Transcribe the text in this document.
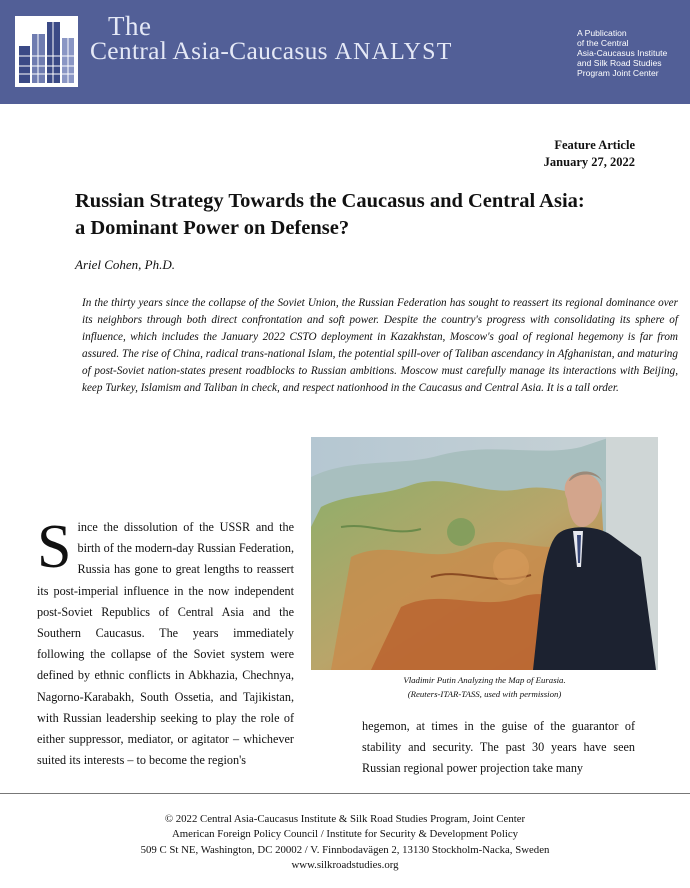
The
Central Asia-Caucasus ANALYST
A Publication
of the Central
Asia-Caucasus Institute
and Silk Road Studies
Program Joint Center
Feature Article
January 27, 2022
Russian Strategy Towards the Caucasus and Central Asia: a Dominant Power on Defense?
Ariel Cohen, Ph.D.

In the thirty years since the collapse of the Soviet Union, the Russian Federation has sought to reassert its regional dominance over its neighbors through both direct confrontation and soft power. Despite the country's progress with consolidating its sphere of influence, which includes the January 2022 CSTO deployment in Kazakhstan, Moscow's goal of regional hegemony is far from assured. The rise of China, radical trans-national Islam, the potential spill-over of Taliban ascendancy in Afghanistan, and maturing of post-Soviet nation-states present roadblocks to Russian ambitions. Moscow must carefully manage its interactions with Beijing, keep Turkey, Islamism and Taliban in check, and respect nationhood in the Caucasus and Central Asia. It is a tall order.

Vladimir Putin Analyzing the Map of Eurasia.
(Reuters-ITAR-TASS, used with permission)
S ince the dissolution of the USSR and the birth of the modern-day Russian Federation, Russia has gone to great lengths to reassert its post-imperial influence in the now independent post-Soviet Republics of Central Asia and the Southern Caucasus. The years immediately following the collapse of the Soviet system were defined by ethnic conflicts in Abkhazia, Chechnya, Nagorno-Karabakh, South Ossetia, and Tajikistan, with Russian leadership seeking to play the role of either suppressor, mediator, or agitator – whichever suited its interests – to become the region's
hegemon, at times in the guise of the guarantor of stability and security. The past 30 years have seen Russian regional power projection take many
© 2022 Central Asia-Caucasus Institute & Silk Road Studies Program, Joint Center
American Foreign Policy Council / Institute for Security & Development Policy
509 C St NE, Washington, DC 20002 / V. Finnbodavägen 2, 13130 Stockholm-Nacka, Sweden
www.silkroadstudies.org
